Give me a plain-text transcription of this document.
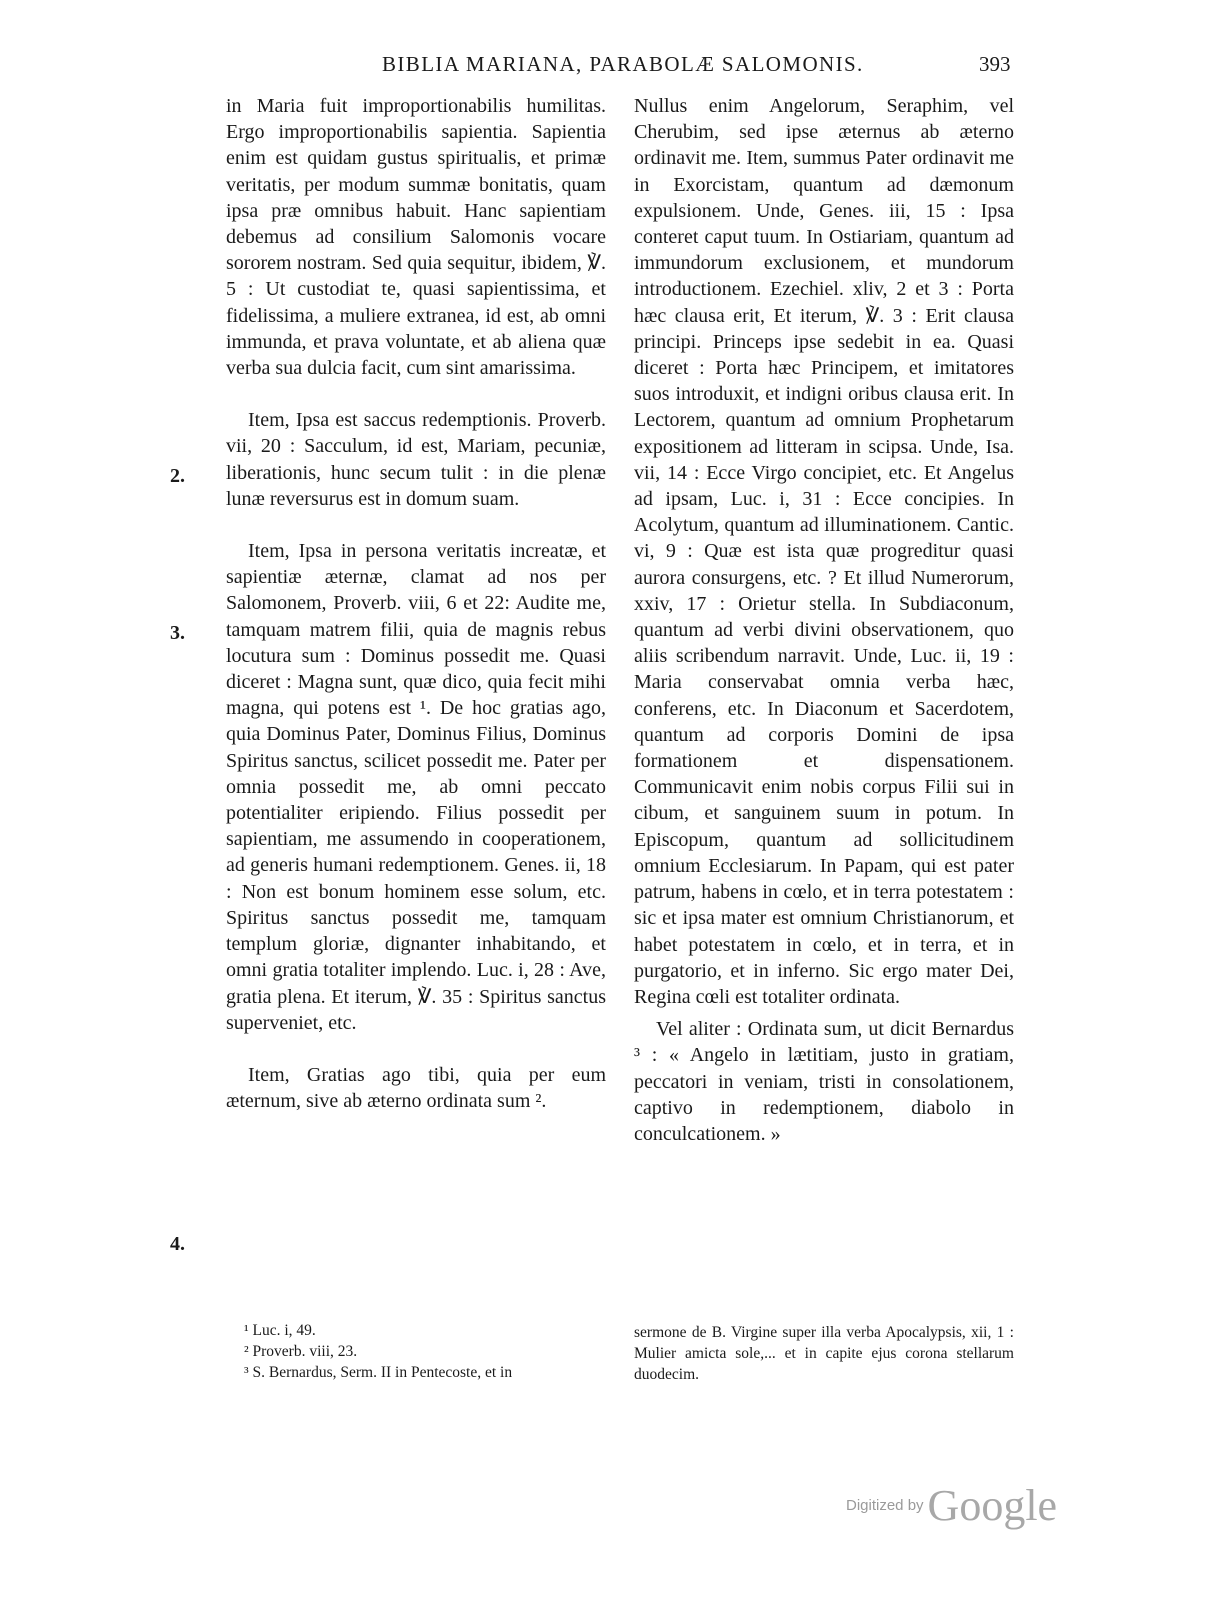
BIBLIA MARIANA, PARABOLÆ SALOMONIS.	393
2.
3.
4.

in Maria fuit improportionabilis humilitas. Ergo improportionabilis sapientia. Sapientia enim est quidam gustus spiritualis, et primæ veritatis, per modum summæ bonitatis, quam ipsa præ omnibus habuit. Hanc sapientiam debemus ad consilium Salomonis vocare sororem nostram. Sed quia sequitur, ibidem, ℣. 5 : Ut custodiat te, quasi sapientissima, et fidelissima, a muliere extranea, id est, ab omni immunda, et prava voluntate, et ab aliena quæ verba sua dulcia facit, cum sint amarissima.

Item, Ipsa est saccus redemptionis. Proverb. vii, 20 : Sacculum, id est, Mariam, pecuniæ, liberationis, hunc secum tulit : in die plenæ lunæ reversurus est in domum suam.

Item, Ipsa in persona veritatis increatæ, et sapientiæ æternæ, clamat ad nos per Salomonem, Proverb. viii, 6 et 22: Audite me, tamquam matrem filii, quia de magnis rebus locutura sum : Dominus possedit me. Quasi diceret : Magna sunt, quæ dico, quia fecit mihi magna, qui potens est ¹. De hoc gratias ago, quia Dominus Pater, Dominus Filius, Dominus Spiritus sanctus, scilicet possedit me. Pater per omnia possedit me, ab omni peccato potentialiter eripiendo. Filius possedit per sapientiam, me assumendo in cooperationem, ad generis humani redemptionem. Genes. ii, 18 : Non est bonum hominem esse solum, etc. Spiritus sanctus possedit me, tamquam templum gloriæ, dignanter inhabitando, et omni gratia totaliter implendo. Luc. i, 28 : Ave, gratia plena. Et iterum, ℣. 35 : Spiritus sanctus superveniet, etc.

Item, Gratias ago tibi, quia per eum æternum, sive ab æterno ordinata sum ².

Nullus enim Angelorum, Seraphim, vel Cherubim, sed ipse æternus ab æterno ordinavit me. Item, summus Pater ordinavit me in Exorcistam, quantum ad dæmonum expulsionem. Unde, Genes. iii, 15 : Ipsa conteret caput tuum. In Ostiariam, quantum ad immundorum exclusionem, et mundorum introductionem. Ezechiel. xliv, 2 et 3 : Porta hæc clausa erit, Et iterum, ℣. 3 : Erit clausa principi. Princeps ipse sedebit in ea. Quasi diceret : Porta hæc Principem, et imitatores suos introduxit, et indigni oribus clausa erit. In Lectorem, quantum ad omnium Prophetarum expositionem ad litteram in scipsa. Unde, Isa. vii, 14 : Ecce Virgo concipiet, etc. Et Angelus ad ipsam, Luc. i, 31 : Ecce concipies. In Acolytum, quantum ad illuminationem. Cantic. vi, 9 : Quæ est ista quæ progreditur quasi aurora consurgens, etc. ? Et illud Numerorum, xxiv, 17 : Orietur stella. In Subdiaconum, quantum ad verbi divini observationem, quo aliis scribendum narravit. Unde, Luc. ii, 19 : Maria conservabat omnia verba hæc, conferens, etc. In Diaconum et Sacerdotem, quantum ad corporis Domini de ipsa formationem et dispensationem. Communicavit enim nobis corpus Filii sui in cibum, et sanguinem suum in potum. In Episcopum, quantum ad sollicitudinem omnium Ecclesiarum. In Papam, qui est pater patrum, habens in cœlo, et in terra potestatem : sic et ipsa mater est omnium Christianorum, et habet potestatem in cœlo, et in terra, et in purgatorio, et in inferno. Sic ergo mater Dei, Regina cœli est totaliter ordinata.

Vel aliter : Ordinata sum, ut dicit Bernardus ³ : « Angelo in lætitiam, justo in gratiam, peccatori in veniam, tristi in consolationem, captivo in redemptionem, diabolo in conculcationem. »

¹ Luc. i, 49.
² Proverb. viii, 23.
³ S. Bernardus, Serm. II in Pentecoste, et in
sermone de B. Virgine super illa verba Apocalypsis, xii, 1 : Mulier amicta sole,... et in capite ejus corona stellarum duodecim.
Digitized by Google
